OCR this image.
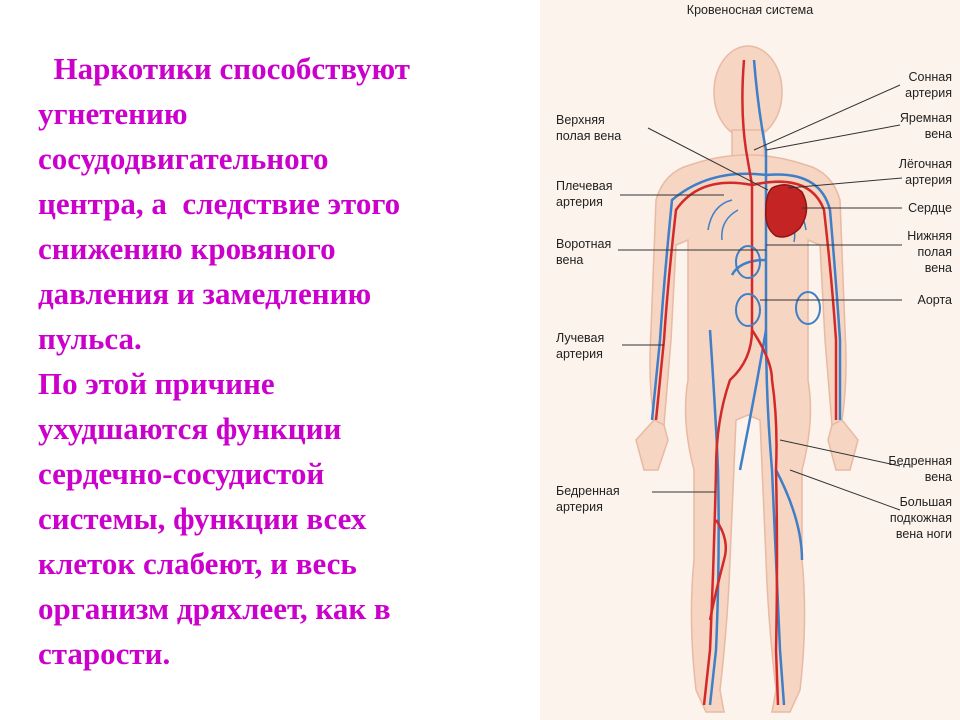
Наркотики способствуют
угнетению
сосудодвигательного
центра, а  следствие этого
снижению кровяного
давления и замедлению
пульса.
По этой причине
ухудшаются функции
сердечно-сосудистой
системы, функции всех
клеток слабеют, и весь
организм дряхлеет, как в
старости.
Кровеносная система
Верхняя
полая вена
Плечевая
артерия
Воротная
вена
Лучевая
артерия
Бедренная
артерия
Сонная
артерия
Яремная
вена
Лёгочная
артерия
Сердце
Нижняя
полая
вена
Аорта
Бедренная
вена
Большая
подкожная
вена ноги
